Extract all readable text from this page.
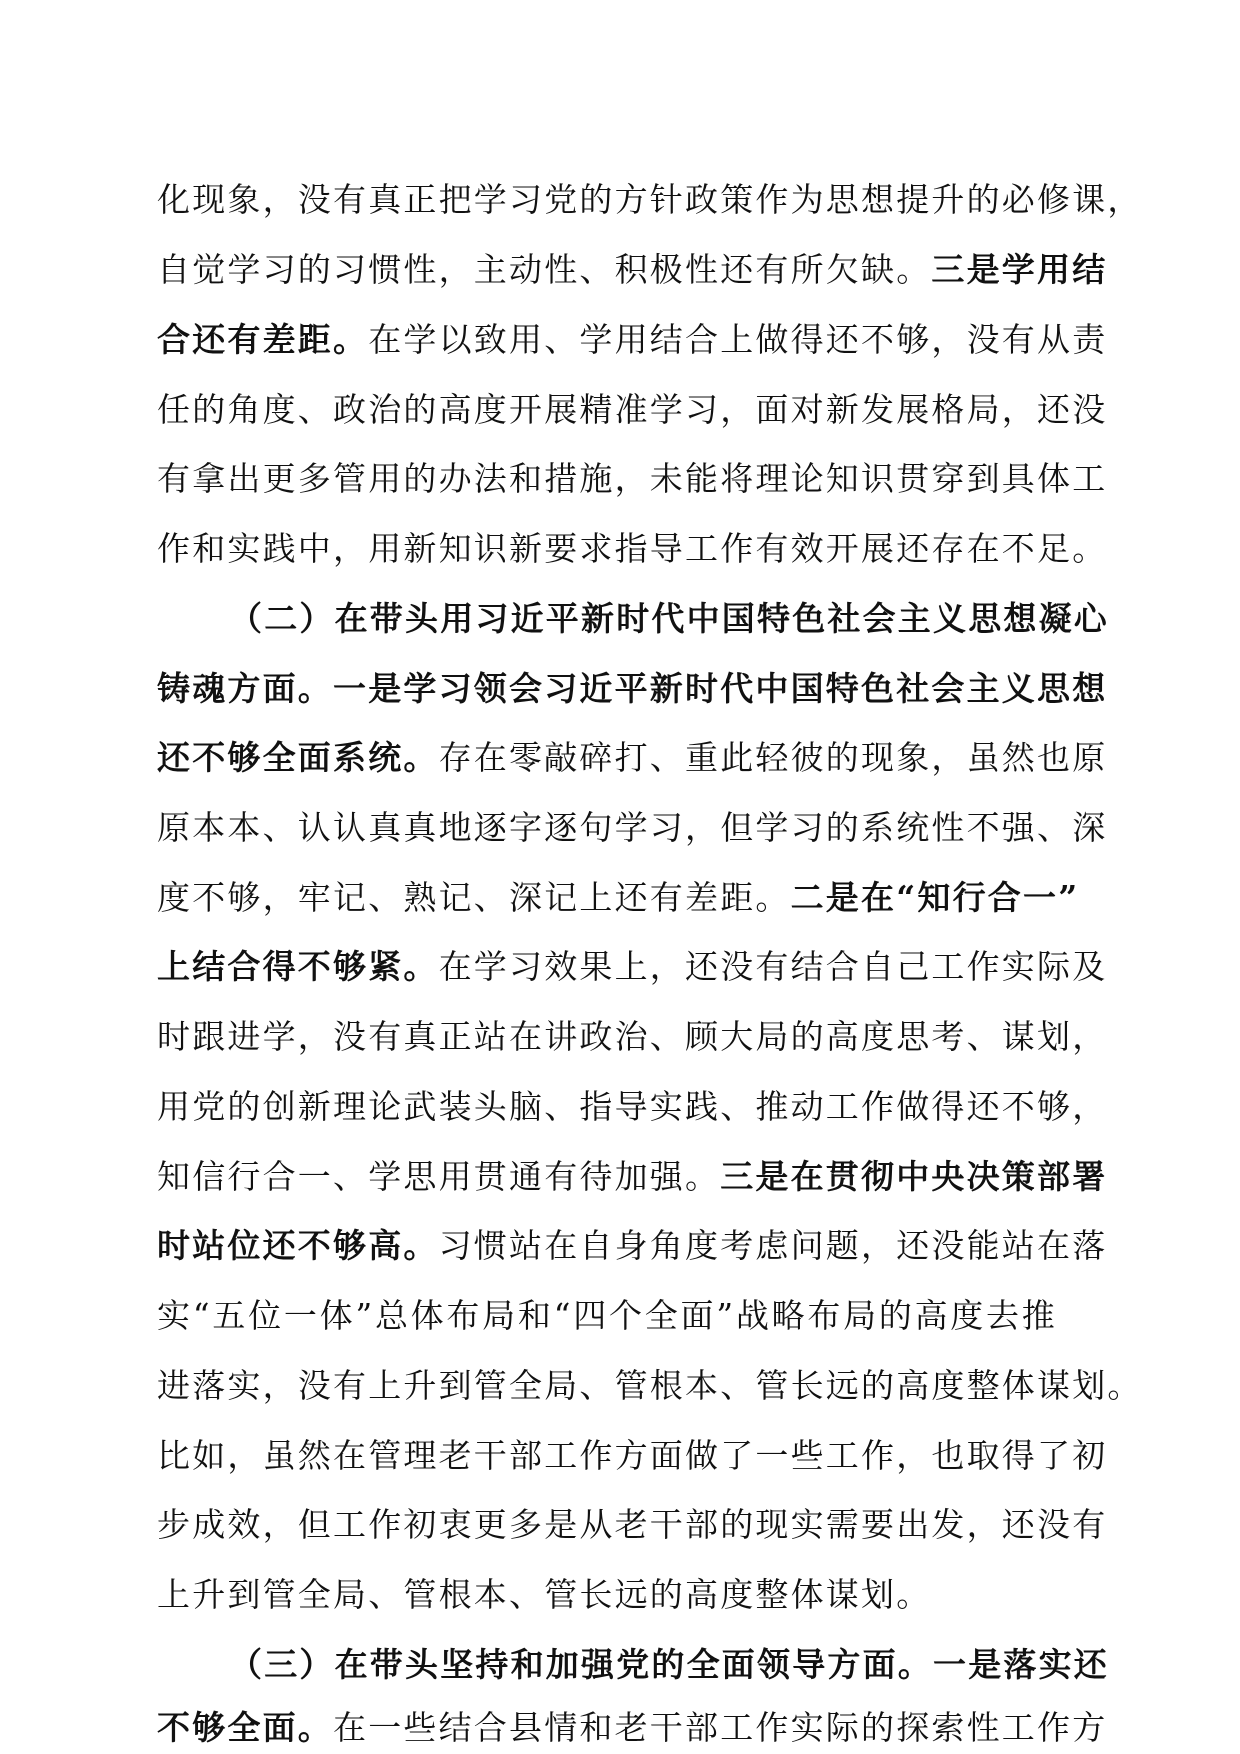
化现象，没有真正把学习党的方针政策作为思想提升的必修课，
自觉学习的习惯性，主动性、积极性还有所欠缺。三是学用结
合还有差距。在学以致用、学用结合上做得还不够，没有从责
任的角度、政治的高度开展精准学习，面对新发展格局，还没
有拿出更多管用的办法和措施，未能将理论知识贯穿到具体工
作和实践中，用新知识新要求指导工作有效开展还存在不足。
（二）在带头用习近平新时代中国特色社会主义思想凝心
铸魂方面。一是学习领会习近平新时代中国特色社会主义思想
还不够全面系统。存在零敲碎打、重此轻彼的现象，虽然也原
原本本、认认真真地逐字逐句学习，但学习的系统性不强、深
度不够，牢记、熟记、深记上还有差距。二是在“知行合一”
上结合得不够紧。在学习效果上，还没有结合自己工作实际及
时跟进学，没有真正站在讲政治、顾大局的高度思考、谋划，
用党的创新理论武装头脑、指导实践、推动工作做得还不够，
知信行合一、学思用贯通有待加强。三是在贯彻中央决策部署
时站位还不够高。习惯站在自身角度考虑问题，还没能站在落
实“五位一体”总体布局和“四个全面”战略布局的高度去推
进落实，没有上升到管全局、管根本、管长远的高度整体谋划。
比如，虽然在管理老干部工作方面做了一些工作，也取得了初
步成效，但工作初衷更多是从老干部的现实需要出发，还没有
上升到管全局、管根本、管长远的高度整体谋划。
（三）在带头坚持和加强党的全面领导方面。一是落实还
不够全面。在一些结合县情和老干部工作实际的探索性工作方
